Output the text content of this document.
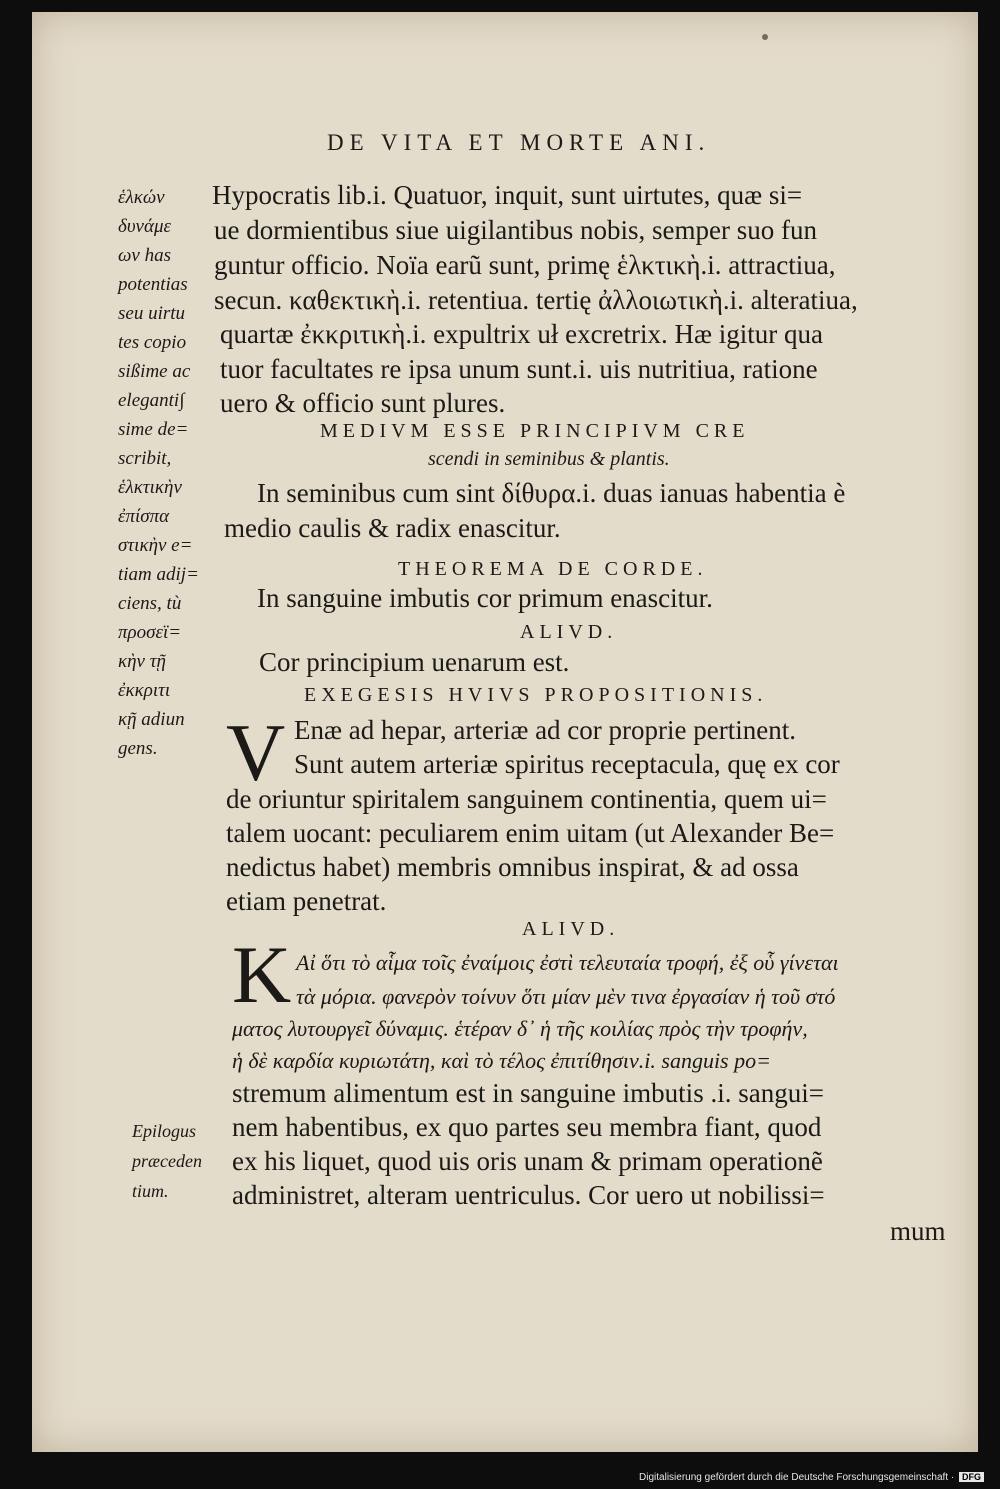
DE VITA ET MORTE ANI.
ἑλκών
δυνάμε
ων has
potentias
seu uirtu
tes copio
sißime ac
eleganti∫
sime de=
scribit,
ἑλκτικὴν
ἐπίσπα
στικὴν e=
tiam adij=
ciens, tù
προσεϊ=
κὴν τῇ
ἐκκριτι
κῇ adiun
gens.
Hypocratis lib.i. Quatuor, inquit, sunt uirtutes, quæ si=
ue dormientibus siue uigilantibus nobis, semper suo fun
guntur officio. Noïa earũ sunt, primę ἑλκτικὴ.i. attractiua,
secun. καθεκτικὴ.i. retentiua. tertię ἀλλοιωτικὴ.i. alteratiua,
quartæ ἐκκριτικὴ.i. expultrix uł excretrix. Hæ igitur qua
tuor facultates re ipsa unum sunt.i. uis nutritiua, ratione
uero & officio sunt plures.
MEDIVM ESSE PRINCIPIVM CRE
scendi in seminibus & plantis.
In seminibus cum sint δίθυρα.i. duas ianuas habentia è
medio caulis & radix enascitur.
THEOREMA DE CORDE.
In sanguine imbutis cor primum enascitur.
ALIVD.
Cor principium uenarum est.
EXEGESIS HVIVS PROPOSITIONIS.
V Enæ ad hepar, arteriæ ad cor proprie pertinent.
Sunt autem arteriæ spiritus receptacula, quę ex cor
de oriuntur spiritalem sanguinem continentia, quem ui=
talem uocant: peculiarem enim uitam (ut Alexander Be=
nedictus habet) membris omnibus inspirat, & ad ossa
etiam penetrat.
ALIVD.
K Αἰ ὅτι τὸ αἷμα τοῖς ἐναίμοις ἐστὶ τελευταία τροφή, ἐξ οὗ γίνεται
τὰ μόρια. φανερὸν τοίνυν ὅτι μίαν μὲν τινα ἐργασίαν ἡ τοῦ στό
ματος λυτουργεῖ δύναμις. ἑτέραν δ᾽ ἡ τῆς κοιλίας πρὸς τὴν τροφήν,
ἡ δὲ καρδία κυριωτάτη, καὶ τὸ τέλος ἐπιτίθησιν.i. sanguis po=
stremum alimentum est in sanguine imbutis .i. sangui=
nem habentibus, ex quo partes seu membra fiant, quod
ex his liquet, quod uis oris unam & primam operationẽ
administret, alteram uentriculus. Cor uero ut nobilissi=
mum
Epilogus
præceden
tium.
Digitalisierung gefördert durch die Deutsche Forschungsgemeinschaft · DFG
